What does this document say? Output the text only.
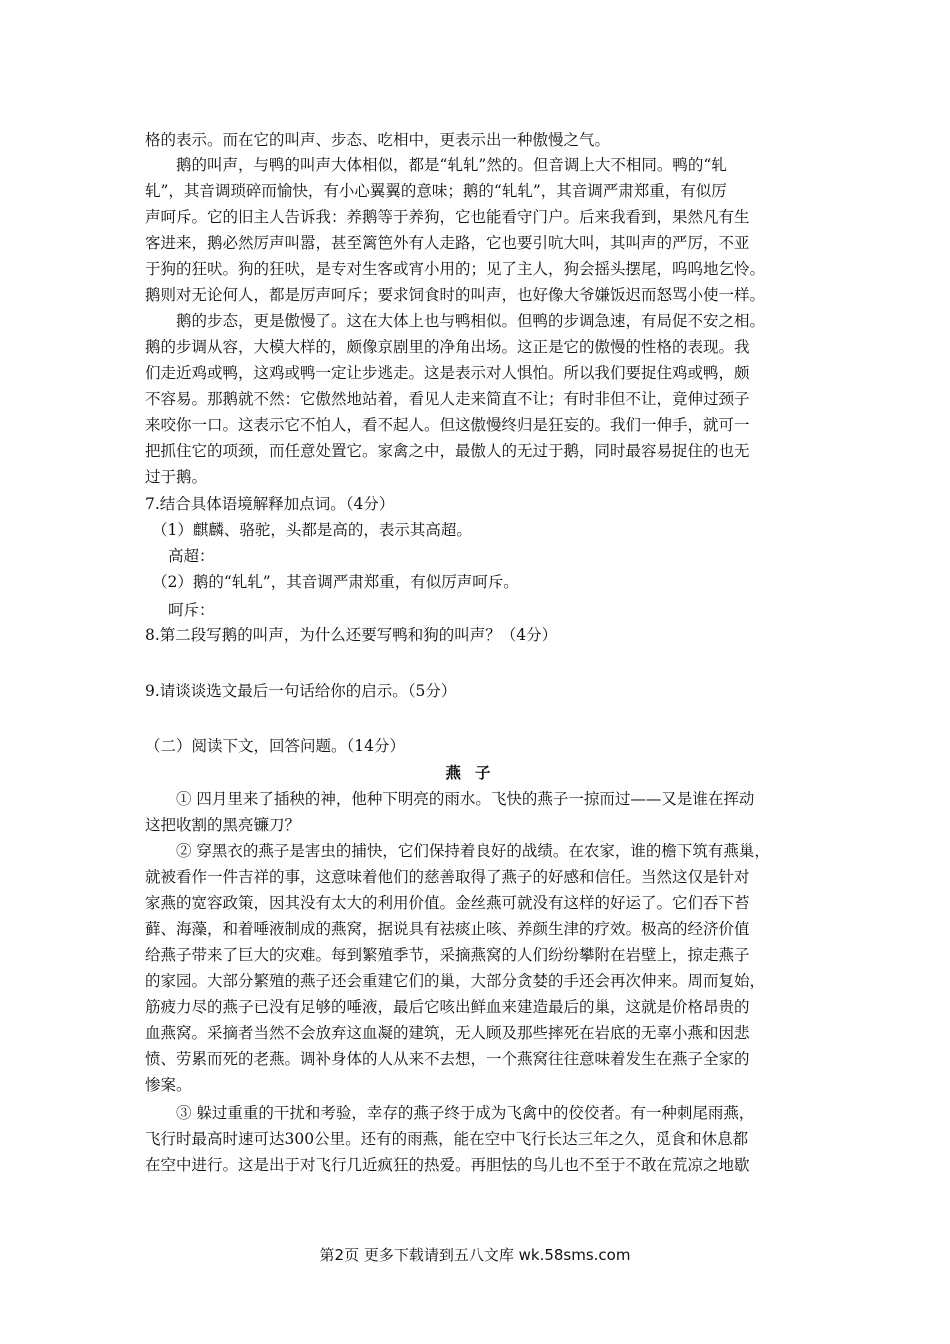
格的表示。而在它的叫声、步态、吃相中，更表示出一种傲慢之气。
鹅的叫声，与鸭的叫声大体相似，都是“轧轧”然的。但音调上大不相同。鸭的“轧
轧”，其音调琐碎而愉快，有小心翼翼的意味；鹅的“轧轧”，其音调严肃郑重，有似厉
声呵斥。它的旧主人告诉我：养鹅等于养狗，它也能看守门户。后来我看到，果然凡有生
客进来，鹅必然厉声叫嚣，甚至篱笆外有人走路，它也要引吭大叫，其叫声的严厉，不亚
于狗的狂吠。狗的狂吠，是专对生客或宵小用的；见了主人，狗会摇头摆尾，呜呜地乞怜。
鹅则对无论何人，都是厉声呵斥；要求饲食时的叫声，也好像大爷嫌饭迟而怒骂小使一样。
鹅的步态，更是傲慢了。这在大体上也与鸭相似。但鸭的步调急速，有局促不安之相。
鹅的步调从容，大模大样的，颇像京剧里的净角出场。这正是它的傲慢的性格的表现。我
们走近鸡或鸭，这鸡或鸭一定让步逃走。这是表示对人惧怕。所以我们要捉住鸡或鸭，颇
不容易。那鹅就不然：它傲然地站着，看见人走来简直不让；有时非但不让，竟伸过颈子
来咬你一口。这表示它不怕人，看不起人。但这傲慢终归是狂妄的。我们一伸手，就可一
把抓住它的项颈，而任意处置它。家禽之中，最傲人的无过于鹅，同时最容易捉住的也无
过于鹅。
7.结合具体语境解释加点词。（4分）
（1）麒麟、骆驼，头都是高的，表示其高超。
高超：
（2）鹅的“轧轧”，其音调严肃郑重，有似厉声呵斥。
呵斥：
8.第二段写鹅的叫声，为什么还要写鸭和狗的叫声？（4分）
9.请谈谈选文最后一句话给你的启示。（5分）
（二）阅读下文，回答问题。（14分）
燕子
① 四月里来了插秧的神，他种下明亮的雨水。飞快的燕子一掠而过——又是谁在挥动
这把收割的黑亮镰刀？
② 穿黑衣的燕子是害虫的捕快，它们保持着良好的战绩。在农家，谁的檐下筑有燕巢，
就被看作一件吉祥的事，这意味着他们的慈善取得了燕子的好感和信任。当然这仅是针对
家燕的宽容政策，因其没有太大的利用价值。金丝燕可就没有这样的好运了。它们吞下苔
藓、海藻，和着唾液制成的燕窝，据说具有祛痰止咳、养颜生津的疗效。极高的经济价值
给燕子带来了巨大的灾难。每到繁殖季节，采摘燕窝的人们纷纷攀附在岩壁上，掠走燕子
的家园。大部分繁殖的燕子还会重建它们的巢，大部分贪婪的手还会再次伸来。周而复始，
筋疲力尽的燕子已没有足够的唾液，最后它咳出鲜血来建造最后的巢，这就是价格昂贵的
血燕窝。采摘者当然不会放弃这血凝的建筑，无人顾及那些摔死在岩底的无辜小燕和因悲
愤、劳累而死的老燕。调补身体的人从来不去想，一个燕窝往往意味着发生在燕子全家的
惨案。
③ 躲过重重的干扰和考验，幸存的燕子终于成为飞禽中的佼佼者。有一种刺尾雨燕，
飞行时最高时速可达300公里。还有的雨燕，能在空中飞行长达三年之久，觅食和休息都
在空中进行。这是出于对飞行几近疯狂的热爱。再胆怯的鸟儿也不至于不敢在荒凉之地歇
第2页 更多下载请到五八文库 wk.58sms.com
